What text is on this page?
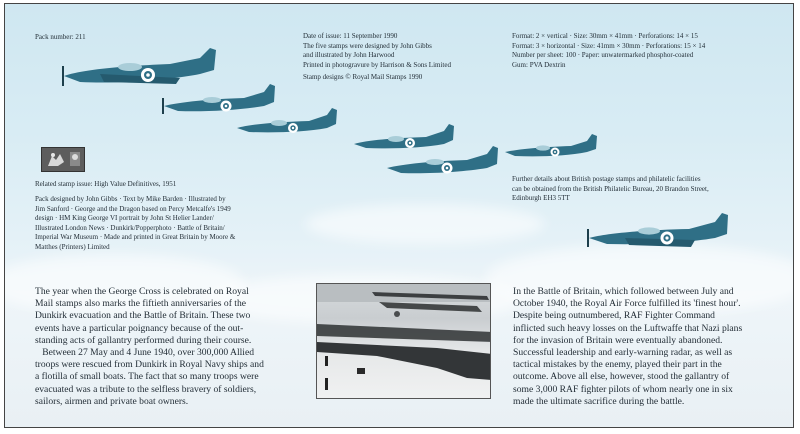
Pack number: 211	Date of issue: 11 September 1990
The five stamps were designed by John Gibbs
and illustrated by John Harwood
Printed in photogravure by Harrison & Sons Limited
Stamp designs © Royal Mail Stamps 1990
Format: 2 × vertical · Size: 30mm × 41mm · Perforations: 14 × 15
Format: 3 × horizontal · Size: 41mm × 30mm · Perforations: 15 × 14
Number per sheet: 100 · Paper: unwatermarked phosphor-coated
Gum: PVA Dextrin
Related stamp issue: High Value Definitives, 1951
Pack designed by John Gibbs · Text by Mike Barden · Illustrated by
Jim Sanford · George and the Dragon based on Percy Metcalfe's 1949
design · HM King George VI portrait by John St Helier Lander/
Illustrated London News · Dunkirk/Popperphoto · Battle of Britain/
Imperial War Museum · Made and printed in Great Britain by Moore &
Matthes (Printers) Limited
Further details about British postage stamps and philatelic facilities
can be obtained from the British Philatelic Bureau, 20 Brandon Street,
Edinburgh EH3 5TT
The year when the George Cross is celebrated on Royal
Mail stamps also marks the fiftieth anniversaries of the
Dunkirk evacuation and the Battle of Britain. These two
events have a particular poignancy because of the out-
standing acts of gallantry performed during their course.
Between 27 May and 4 June 1940, over 300,000 Allied
troops were rescued from Dunkirk in Royal Navy ships and
a flotilla of small boats. The fact that so many troops were
evacuated was a tribute to the selfless bravery of soldiers,
sailors, airmen and private boat owners.
In the Battle of Britain, which followed between July and
October 1940, the Royal Air Force fulfilled its 'finest hour'.
Despite being outnumbered, RAF Fighter Command
inflicted such heavy losses on the Luftwaffe that Nazi plans
for the invasion of Britain were eventually abandoned.
Successful leadership and early-warning radar, as well as
tactical mistakes by the enemy, played their part in the
outcome. Above all else, however, stood the gallantry of
some 3,000 RAF fighter pilots of whom nearly one in six
made the ultimate sacrifice during the battle.
